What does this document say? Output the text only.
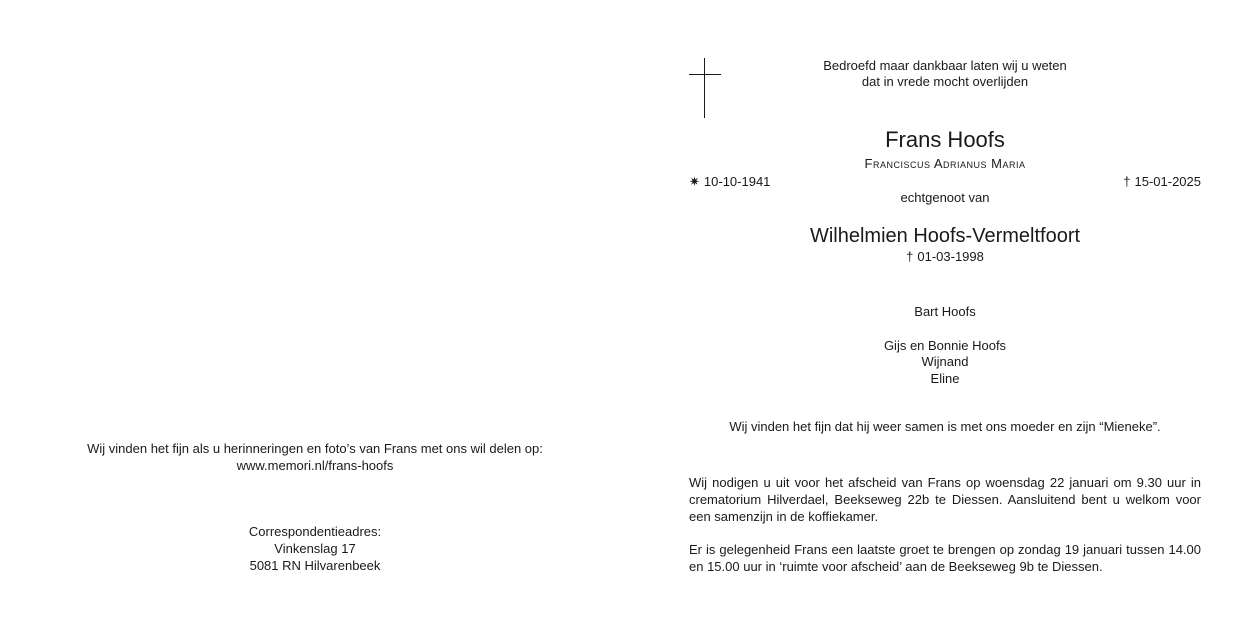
Wij vinden het fijn als u herinneringen en foto’s van Frans met ons wil delen op:
www.memori.nl/frans-hoofs
Correspondentieadres:
Vinkenslag 17
5081 RN Hilvarenbeek
Bedroefd maar dankbaar laten wij u weten
dat in vrede mocht overlijden
Frans Hoofs
Franciscus Adrianus Maria
✷ 10-10-1941	† 15-01-2025
echtgenoot van
Wilhelmien Hoofs-Vermeltfoort
† 01-03-1998
Bart Hoofs
Gijs en Bonnie Hoofs
Wijnand
Eline
Wij vinden het fijn dat hij weer samen is met ons moeder en zijn “Mieneke”.
Wij nodigen u uit voor het afscheid van Frans op woensdag 22 januari om 9.30 uur in crematorium Hilverdael, Beekseweg 22b te Diessen. Aansluitend bent u welkom voor een samenzijn in de koffiekamer.
Er is gelegenheid Frans een laatste groet te brengen op zondag 19 januari tussen 14.00 en 15.00 uur in ‘ruimte voor afscheid’ aan de Beekseweg 9b te Diessen.
